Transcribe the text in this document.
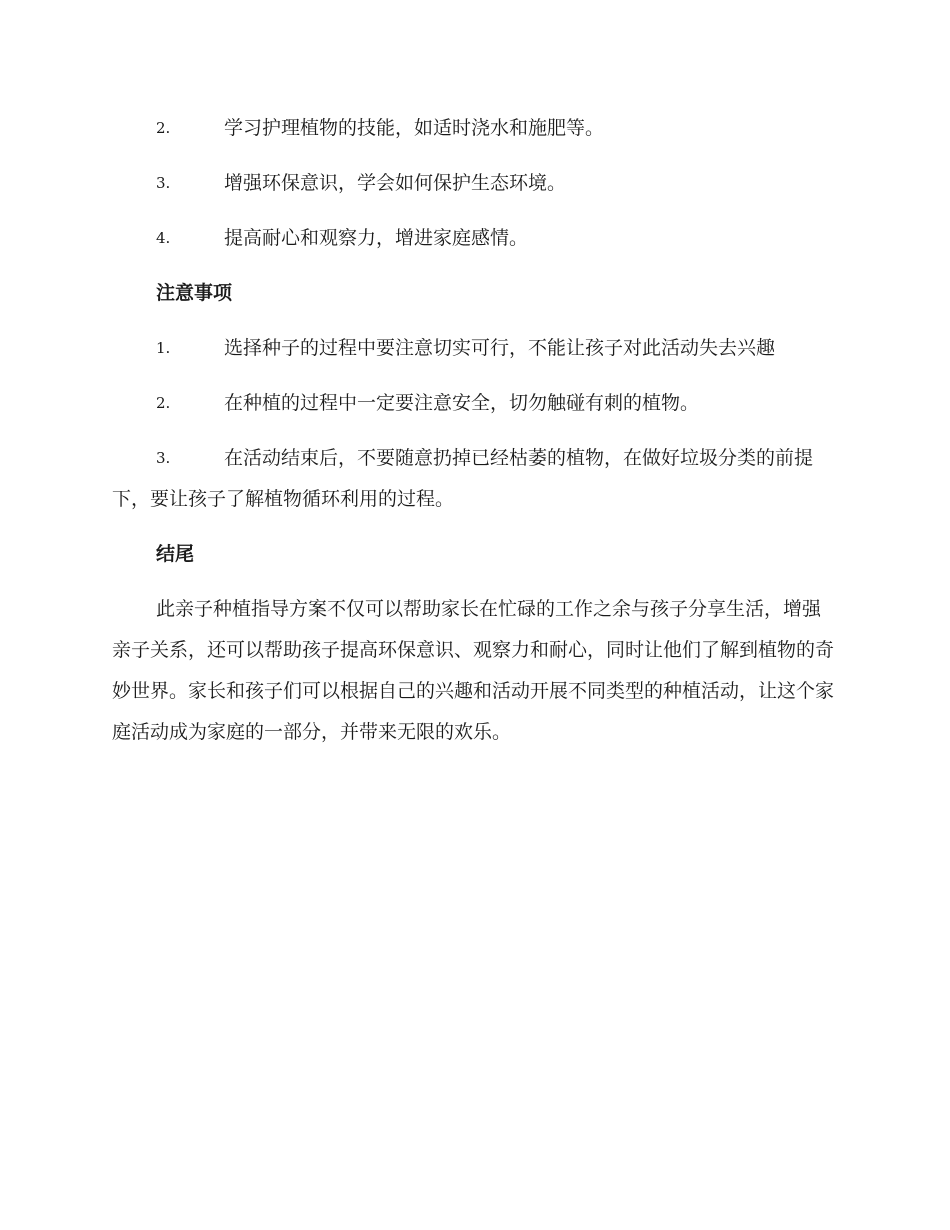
2.	学习护理植物的技能，如适时浇水和施肥等。
3.	增强环保意识，学会如何保护生态环境。
4.	提高耐心和观察力，增进家庭感情。
注意事项
1.	选择种子的过程中要注意切实可行，不能让孩子对此活动失去兴趣
2.	在种植的过程中一定要注意安全，切勿触碰有刺的植物。
3.	在活动结束后，不要随意扔掉已经枯萎的植物，在做好垃圾分类的前提下，要让孩子了解植物循环利用的过程。
结尾

此亲子种植指导方案不仅可以帮助家长在忙碌的工作之余与孩子分享生活，增强亲子关系，还可以帮助孩子提高环保意识、观察力和耐心，同时让他们了解到植物的奇妙世界。家长和孩子们可以根据自己的兴趣和活动开展不同类型的种植活动，让这个家庭活动成为家庭的一部分，并带来无限的欢乐。
